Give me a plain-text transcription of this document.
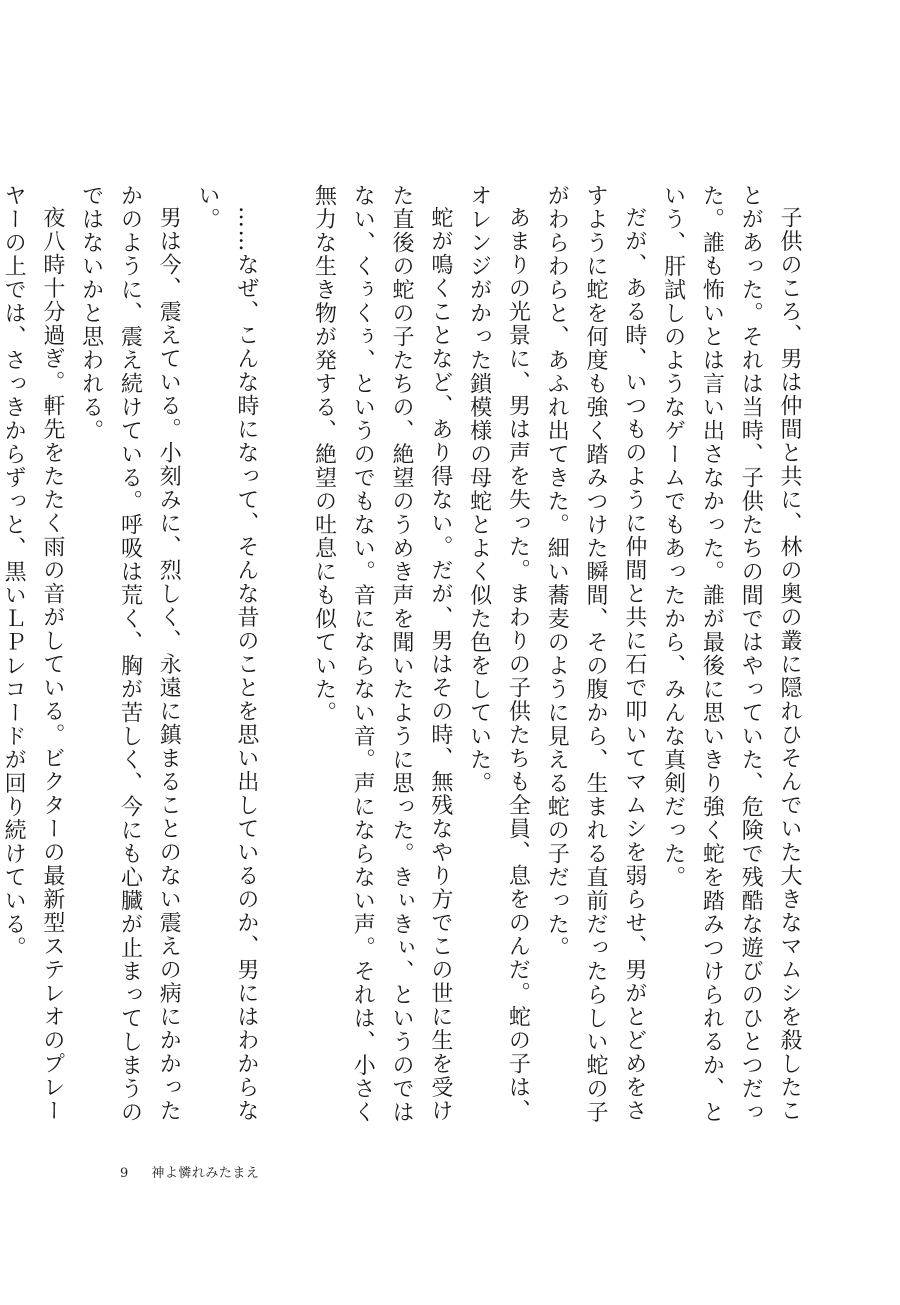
子供のころ、男は仲間と共に、林の奥の叢に隠れひそんでいた大きなマムシを殺したことがあった。それは当時、子供たちの間ではやっていた、危険で残酷な遊びのひとつだった。誰も怖いとは言い出さなかった。誰が最後に思いきり強く蛇を踏みつけられるか、という、肝試しのようなゲームでもあったから、みんな真剣だった。

だが、ある時、いつものように仲間と共に石で叩いてマムシを弱らせ、男がとどめをさすように蛇を何度も強く踏みつけた瞬間、その腹から、生まれる直前だったらしい蛇の子がわらわらと、あふれ出てきた。細い蕎麦のように見える蛇の子だった。

あまりの光景に、男は声を失った。まわりの子供たちも全員、息をのんだ。蛇の子は、オレンジがかった鎖模様の母蛇とよく似た色をしていた。

蛇が鳴くことなど、あり得ない。だが、男はその時、無残なやり方でこの世に生を受けた直後の蛇の子たちの、絶望のうめき声を聞いたように思った。きぃきぃ、というのではない、くぅくぅ、というのでもない。音にならない音。声にならない声。それは、小さく無力な生き物が発する、絶望の吐息にも似ていた。

……なぜ、こんな時になって、そんな昔のことを思い出しているのか、男にはわからない。

男は今、震えている。小刻みに、烈しく、永遠に鎮まることのない震えの病にかかったかのように、震え続けている。呼吸は荒く、胸が苦しく、今にも心臓が止まってしまうのではないかと思われる。

夜八時十分過ぎ。軒先をたたく雨の音がしている。ビクターの最新型ステレオのプレーヤーの上では、さっきからずっと、黒いＬＰレコードが回り続けている。

9 神よ憐れみたまえ
